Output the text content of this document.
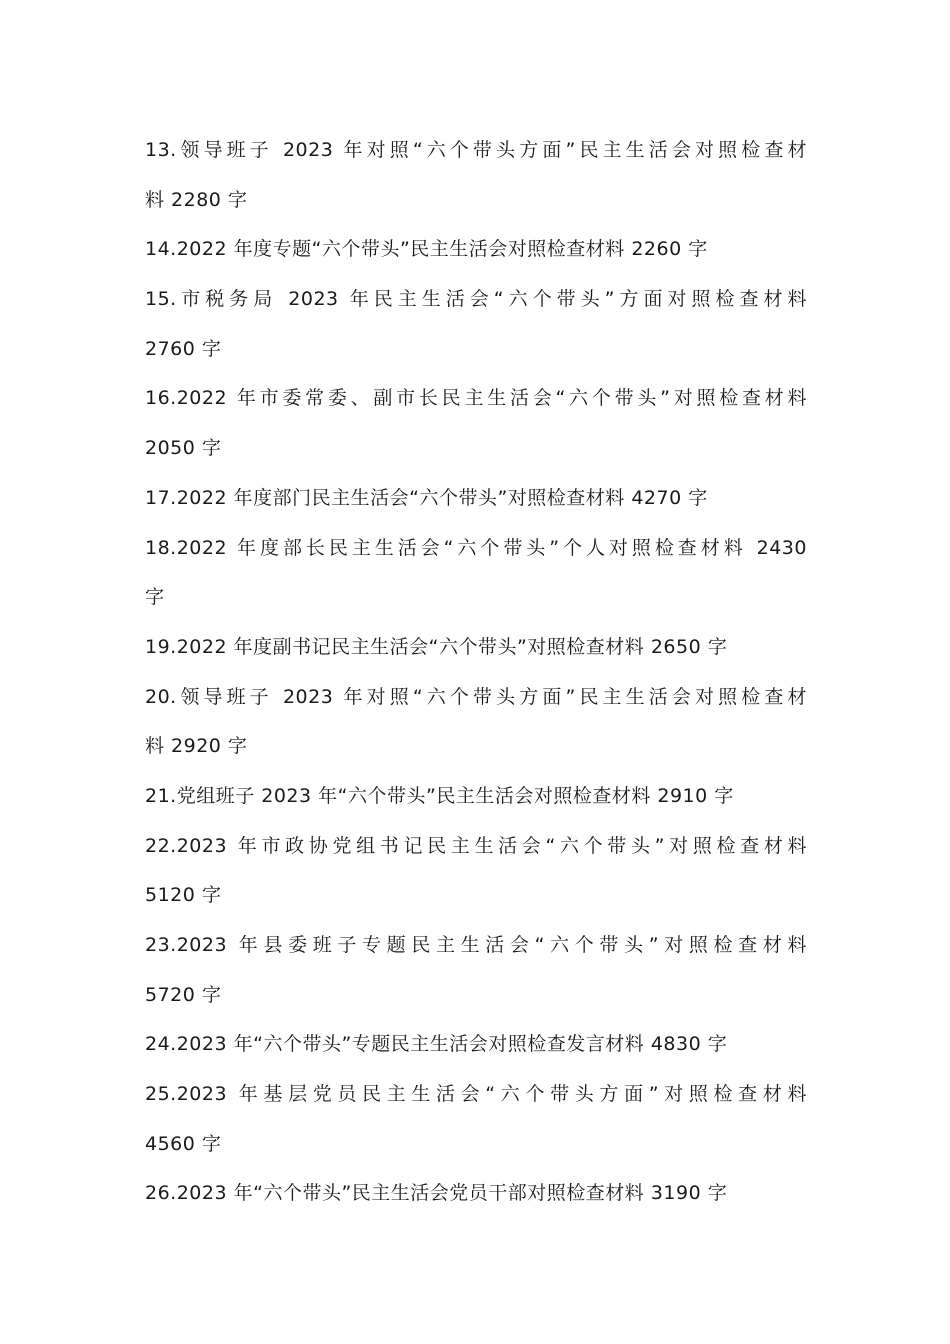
13.领导班子 2023 年对照“六个带头方面”民主生活会对照检查材
料 2280 字
14.2022 年度专题“六个带头”民主生活会对照检查材料 2260 字
15.市税务局 2023 年民主生活会“六个带头”方面对照检查材料
2760 字
16.2022 年市委常委、副市长民主生活会“六个带头”对照检查材料
2050 字
17.2022 年度部门民主生活会“六个带头”对照检查材料 4270 字
18.2022 年度部长民主生活会“六个带头”个人对照检查材料 2430
字
19.2022 年度副书记民主生活会“六个带头”对照检查材料 2650 字
20.领导班子 2023 年对照“六个带头方面”民主生活会对照检查材
料 2920 字
21.党组班子 2023 年“六个带头”民主生活会对照检查材料 2910 字
22.2023 年市政协党组书记民主生活会“六个带头”对照检查材料
5120 字
23.2023 年县委班子专题民主生活会“六个带头”对照检查材料
5720 字
24.2023 年“六个带头”专题民主生活会对照检查发言材料 4830 字
25.2023 年基层党员民主生活会“六个带头方面”对照检查材料
4560 字
26.2023 年“六个带头”民主生活会党员干部对照检查材料 3190 字
